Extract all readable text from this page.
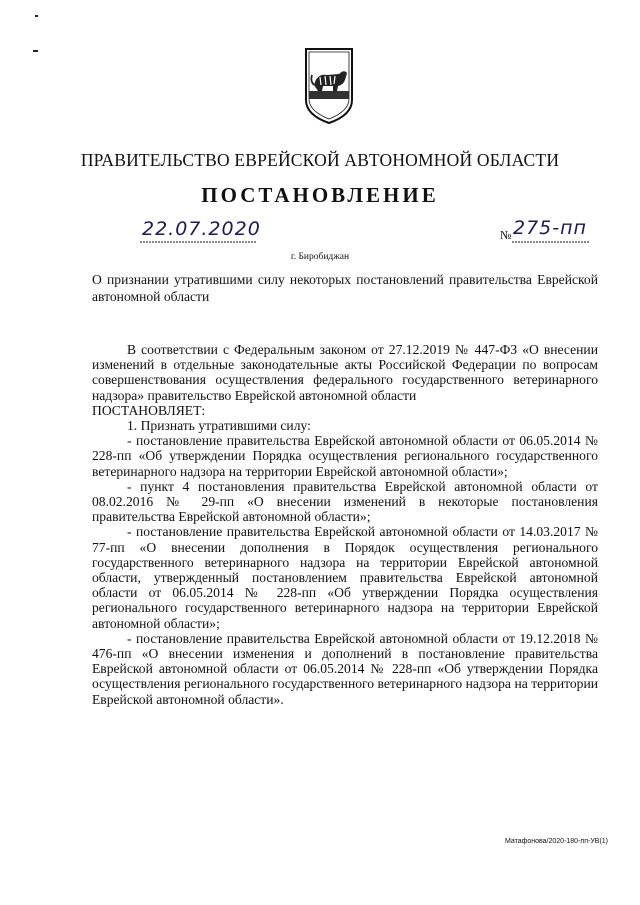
ПРАВИТЕЛЬСТВО ЕВРЕЙСКОЙ АВТОНОМНОЙ ОБЛАСТИ
ПОСТАНОВЛЕНИЕ
22.07.2020	№ 275-пп
г. Биробиджан
О признании утратившими силу некоторых постановлений правительства Еврейской автономной области

В соответствии с Федеральным законом от 27.12.2019 № 447-ФЗ «О внесении изменений в отдельные законодательные акты Российской Федерации по вопросам совершенствования осуществления федерального государственного ветеринарного надзора» правительство Еврейской автономной области

ПОСТАНОВЛЯЕТ:

1. Признать утратившими силу:

- постановление правительства Еврейской автономной области от 06.05.2014 № 228-пп «Об утверждении Порядка осуществления регионального государственного ветеринарного надзора на территории Еврейской автономной области»;

- пункт 4 постановления правительства Еврейской автономной области от 08.02.2016 № 29-пп «О внесении изменений в некоторые постановления правительства Еврейской автономной области»;

- постановление правительства Еврейской автономной области от 14.03.2017 № 77-пп «О внесении дополнения в Порядок осуществления регионального государственного ветеринарного надзора на территории Еврейской автономной области, утвержденный постановлением правительства Еврейской автономной области от 06.05.2014 № 228-пп «Об утверждении Порядка осуществления регионального государственного ветеринарного надзора на территории Еврейской автономной области»;

- постановление правительства Еврейской автономной области от 19.12.2018 № 476-пп «О внесении изменения и дополнений в постановление правительства Еврейской автономной области от 06.05.2014 № 228-пп «Об утверждении Порядка осуществления регионального государственного ветеринарного надзора на территории Еврейской автономной области».

Матафонова/2020-180-пп-УВ(1)
